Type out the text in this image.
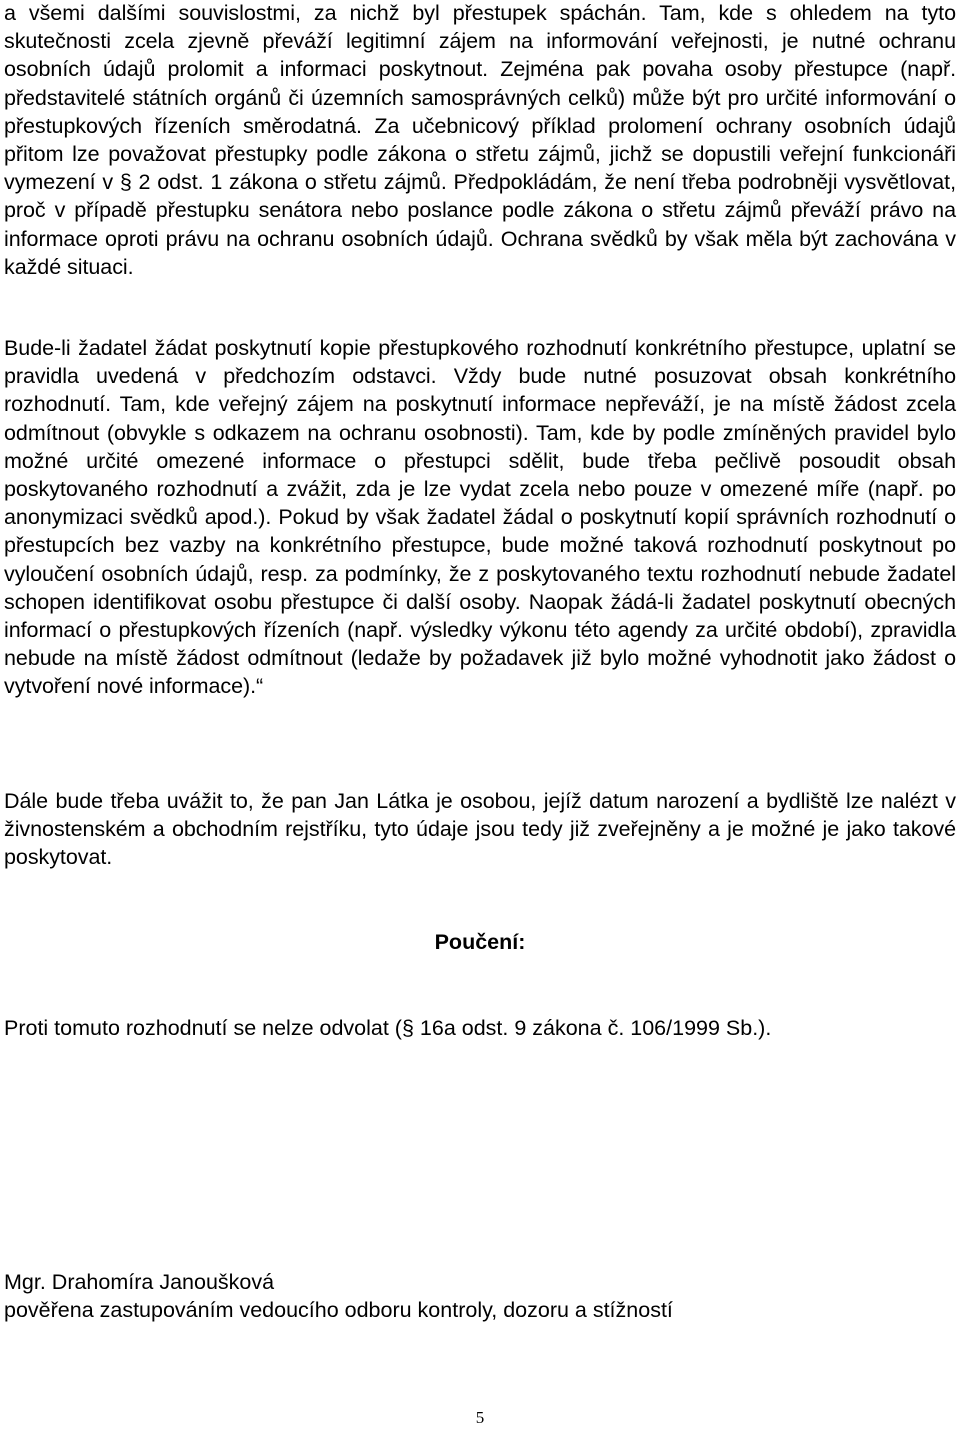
a všemi dalšími souvislostmi, za nichž byl přestupek spáchán. Tam, kde s ohledem na tyto skutečnosti zcela zjevně převáží legitimní zájem na informování veřejnosti, je nutné ochranu osobních údajů prolomit a informaci poskytnout. Zejména pak povaha osoby přestupce (např. představitelé státních orgánů či územních samosprávných celků) může být pro určité informování o přestupkových řízeních směrodatná. Za učebnicový příklad prolomení ochrany osobních údajů přitom lze považovat přestupky podle zákona o střetu zájmů, jichž se dopustili veřejní funkcionáři vymezení v § 2 odst. 1 zákona o střetu zájmů. Předpokládám, že není třeba podrobněji vysvětlovat, proč v případě přestupku senátora nebo poslance podle zákona o střetu zájmů převáží právo na informace oproti právu na ochranu osobních údajů. Ochrana svědků by však měla být zachována v každé situaci.

Bude-li žadatel žádat poskytnutí kopie přestupkového rozhodnutí konkrétního přestupce, uplatní se pravidla uvedená v předchozím odstavci. Vždy bude nutné posuzovat obsah konkrétního rozhodnutí. Tam, kde veřejný zájem na poskytnutí informace nepřeváží, je na místě žádost zcela odmítnout (obvykle s odkazem na ochranu osobnosti). Tam, kde by podle zmíněných pravidel bylo možné určité omezené informace o přestupci sdělit, bude třeba pečlivě posoudit obsah poskytovaného rozhodnutí a zvážit, zda je lze vydat zcela nebo pouze v omezené míře (např. po anonymizaci svědků apod.). Pokud by však žadatel žádal o poskytnutí kopií správních rozhodnutí o přestupcích bez vazby na konkrétního přestupce, bude možné taková rozhodnutí poskytnout po vyloučení osobních údajů, resp. za podmínky, že z poskytovaného textu rozhodnutí nebude žadatel schopen identifikovat osobu přestupce či další osoby. Naopak žádá-li žadatel poskytnutí obecných informací o přestupkových řízeních (např. výsledky výkonu této agendy za určité období), zpravidla nebude na místě žádost odmítnout (ledaže by požadavek již bylo možné vyhodnotit jako žádost o vytvoření nové informace).“

Dále bude třeba uvážit to, že pan Jan Látka je osobou, jejíž datum narození a bydliště lze nalézt v živnostenském a obchodním rejstříku, tyto údaje jsou tedy již zveřejněny a je možné je jako takové poskytovat.

Poučení:

Proti tomuto rozhodnutí se nelze odvolat (§ 16a odst. 9 zákona č. 106/1999 Sb.).

Mgr. Drahomíra Janoušková
pověřena zastupováním vedoucího odboru kontroly, dozoru a stížností

5
